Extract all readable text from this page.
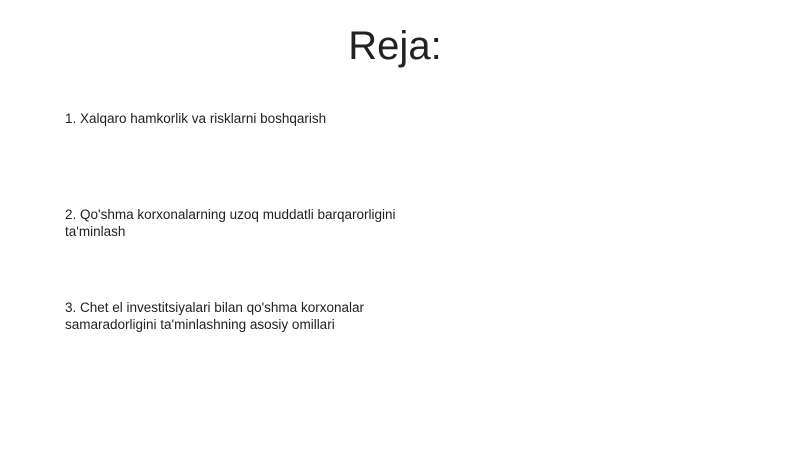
Reja:
1. Xalqaro hamkorlik va risklarni boshqarish
2. Qo'shma korxonalarning uzoq muddatli barqarorligini ta'minlash
3. Chet el investitsiyalari bilan qo'shma korxonalar samaradorligini ta'minlashning asosiy omillari
